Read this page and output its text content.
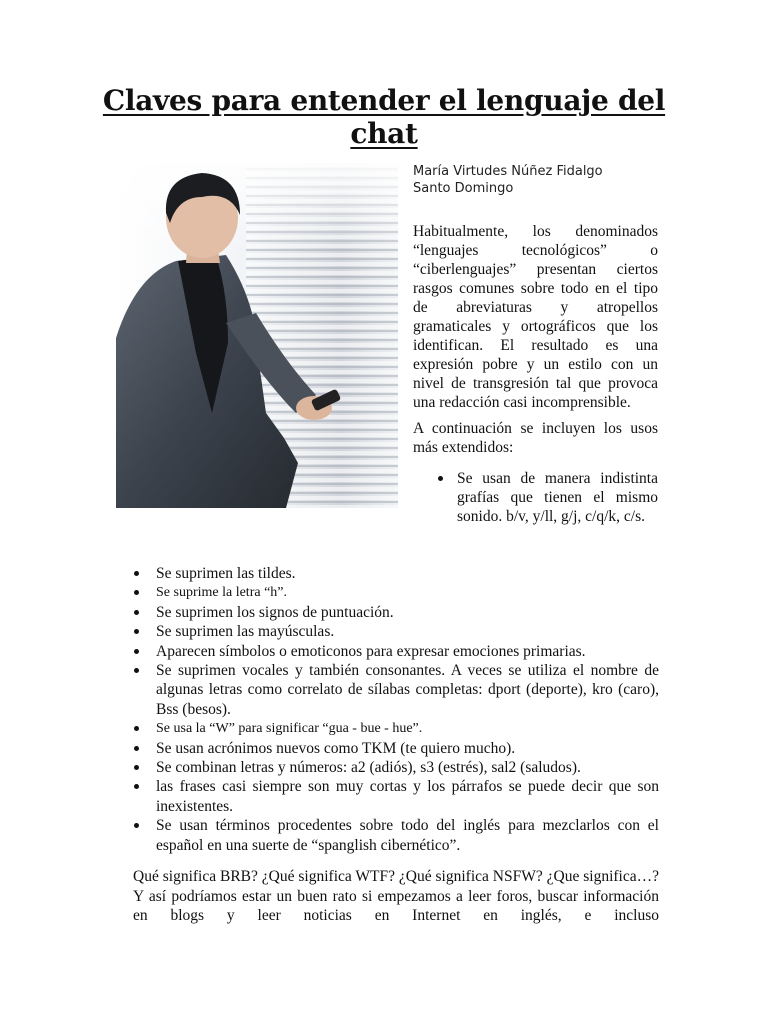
Claves para entender el lenguaje del chat
María Virtudes Núñez Fidalgo
Santo Domingo

Habitualmente, los denominados “lenguajes tecnológicos” o “ciberlenguajes” presentan ciertos rasgos comunes sobre todo en el tipo de abreviaturas y atropellos gramaticales y ortográficos que los identifican. El resultado es una expresión pobre y un estilo con un nivel de transgresión tal que provoca una redacción casi incomprensible.

A continuación se incluyen los usos más extendidos:

Se usan de manera indistinta grafías que tienen el mismo sonido. b/v, y/ll, g/j, c/q/k, c/s.
Se suprimen las tildes.
Se suprime la letra “h”.
Se suprimen los signos de puntuación.
Se suprimen las mayúsculas.
Aparecen símbolos o emoticonos para expresar emociones primarias.
Se suprimen vocales y también consonantes. A veces se utiliza el nombre de algunas letras como correlato de sílabas completas: dport (deporte), kro (caro), Bss (besos).
Se usa la “W” para significar “gua - bue - hue”.
Se usan acrónimos nuevos como TKM (te quiero mucho).
Se combinan letras y números: a2 (adiós), s3 (estrés), sal2 (saludos).
las frases casi siempre son muy cortas y los párrafos se puede decir que son inexistentes.
Se usan términos procedentes sobre todo del inglés para mezclarlos con el español en una suerte de “spanglish cibernético”.

Qué significa BRB? ¿Qué significa WTF? ¿Qué significa NSFW? ¿Que significa…? Y así podríamos estar un buen rato si empezamos a leer foros, buscar información en blogs y leer noticias en Internet en inglés, e incluso
